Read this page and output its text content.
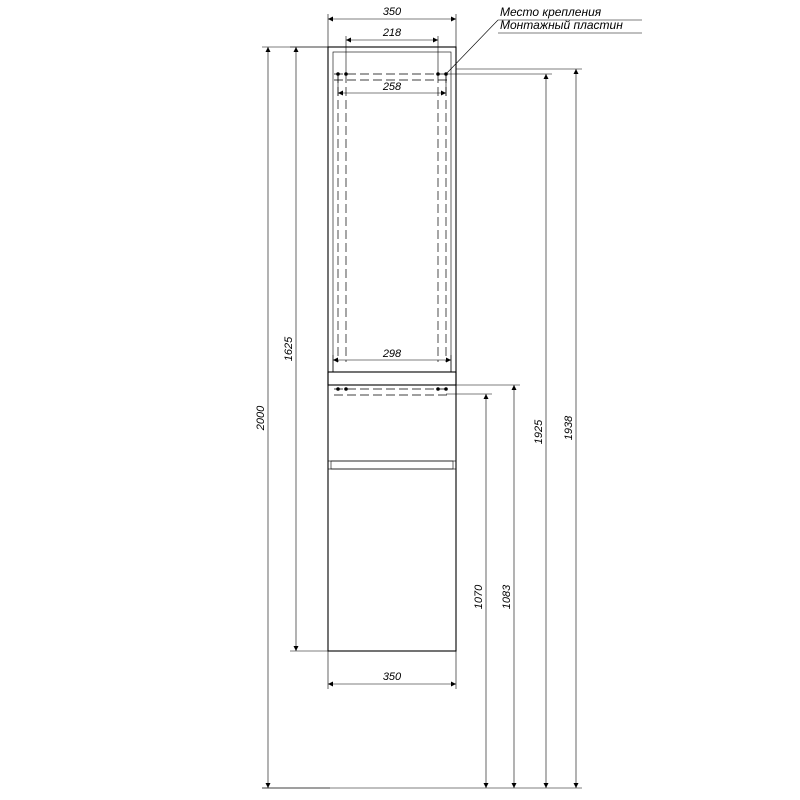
350
218
258
298
350
2000
1625
1938
1925
1083
1070
Место крепления
Монтажный пластин
